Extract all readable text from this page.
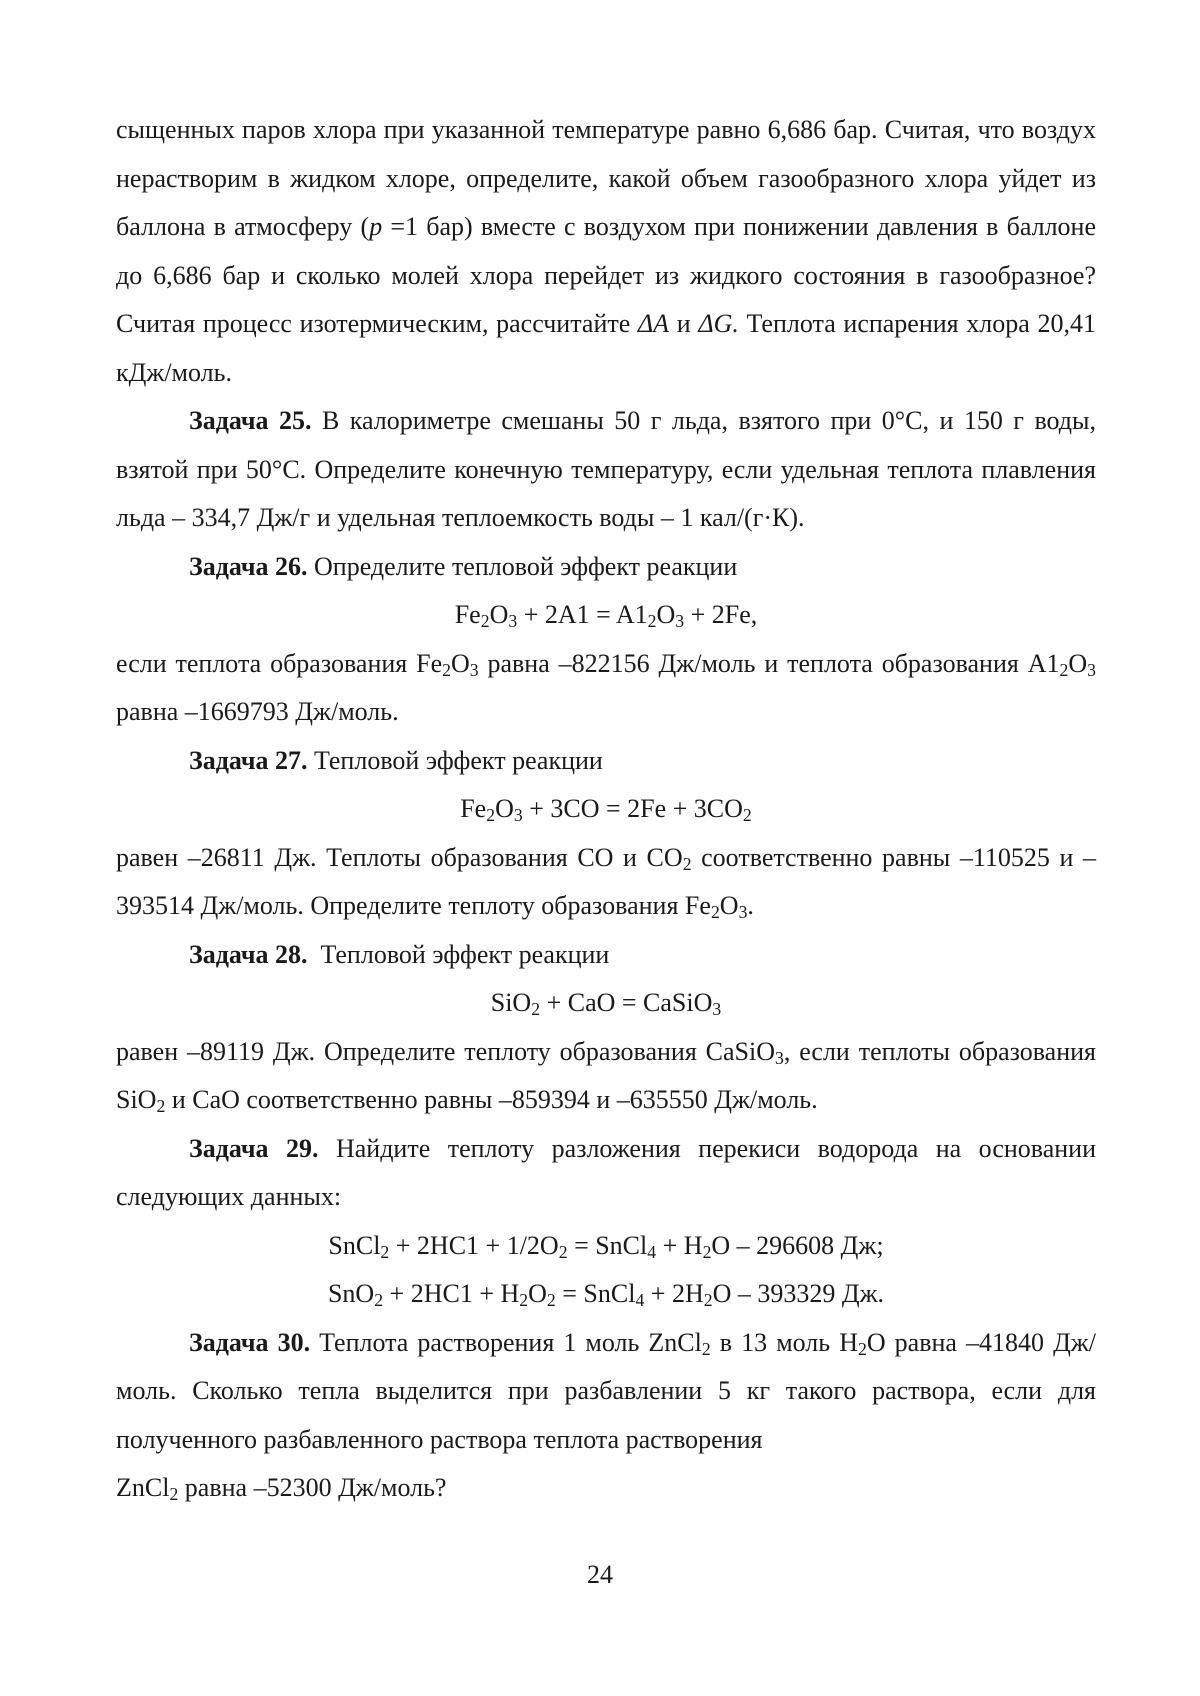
сыщенных паров хлора при указанной температуре равно 6,686 бар. Считая, что воздух нерастворим в жидком хлоре, определите, какой объем газообразного хлора уйдет из баллона в атмосферу (p =1 бар) вместе с воздухом при понижении давления в баллоне до 6,686 бар и сколько молей хлора перейдет из жидкого состояния в газообразное? Считая процесс изотермическим, рассчитайте ΔA и ΔG. Теплота испарения хлора 20,41 кДж/моль.

Задача 25. В калориметре смешаны 50 г льда, взятого при 0°С, и 150 г воды, взятой при 50°С. Определите конечную температуру, если удельная теплота плавления льда – 334,7 Дж/г и удельная теплоемкость воды – 1 кал/(г·К).

Задача 26. Определите тепловой эффект реакции

$Fe_2O_3 + 2A1 = A1_2O_3 + 2Fe$,

если теплота образования $Fe_2O_3$ равна –822156 Дж/моль и теплота образования $A1_2O_3$ равна –1669793 Дж/моль.

Задача 27. Тепловой эффект реакции

$Fe_2O_3 + 3CO = 2Fe + 3CO_2$

равен –26811 Дж. Теплоты образования CO и $CO_2$ соответственно равны –110525 и –393514 Дж/моль. Определите теплоту образования $Fe_2O_3$.

Задача 28.  Тепловой эффект реакции

SiO$_2$ + CaO = CaSiO$_3$

равен –89119 Дж. Определите теплоту образования CaSiO$_3$, если теплоты образования SiO$_2$ и CaO соответственно равны –859394 и –635550 Дж/моль.

Задача 29. Найдите теплоту разложения перекиси водорода на основании следующих данных:

SnCl$_2$ + $2HC1 + 1/2O_2$ = SnCl$_4$ + $H_2O - 296608$ Дж;

$SnO_2 + 2HC1 + H_2O_2$ = SnCl$_4$ + $2H_2O - 393329$ Дж.

Задача 30. Теплота растворения 1 моль ZnCl$_2$ в 13 моль $H_2O$ равна –41840 Дж/моль. Сколько тепла выделится при разбавлении 5 кг такого раствора, если для полученного разбавленного раствора теплота растворения

ZnCl$_2$ равна –52300 Дж/моль?

24
